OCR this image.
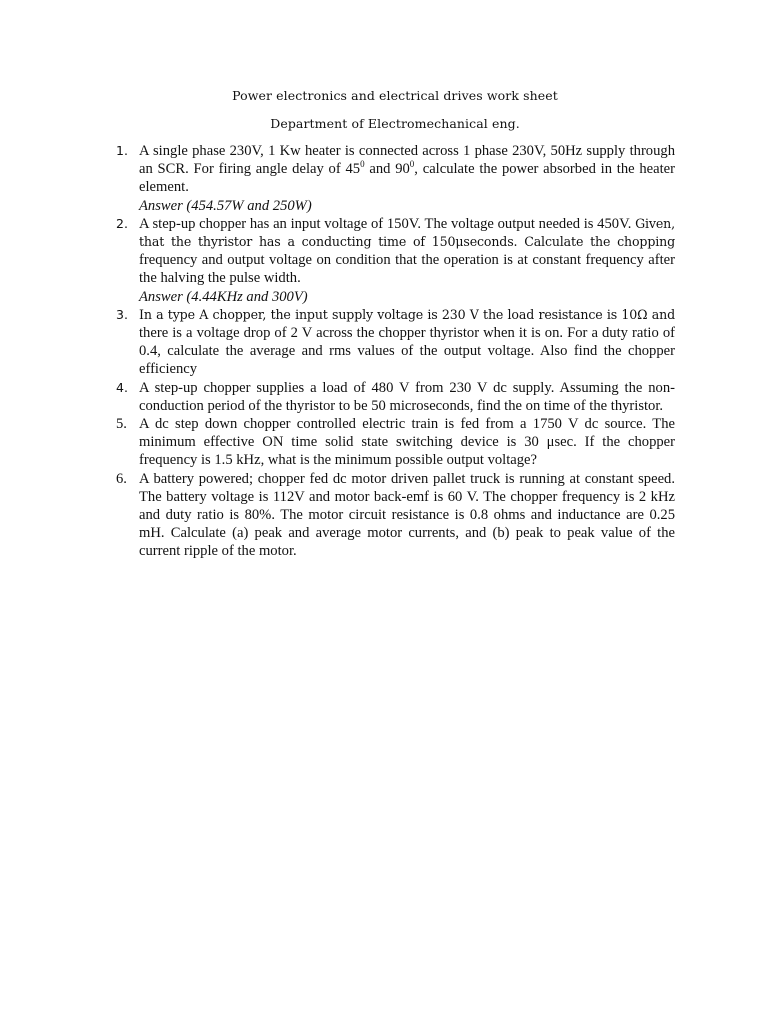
Power electronics and electrical drives work sheet
Department of Electromechanical eng.
1. A single phase 230V, 1 Kw heater is connected across 1 phase 230V, 50Hz supply through an SCR. For firing angle delay of $45^0$ and $90^0$, calculate the power absorbed in the heater element.
Answer (454.57W and 250W)
2. A step-up chopper has an input voltage of 150V. The voltage output needed is 450V. Given, that the thyristor has a conducting time of 150μseconds. Calculate the chopping frequency and output voltage on condition that the operation is at constant frequency after the halving the pulse width.
Answer (4.44KHz and 300V)
3. In a type A chopper, the input supply voltage is 230 V the load resistance is 10Ω and there is a voltage drop of 2 V across the chopper thyristor when it is on. For a duty ratio of 0.4, calculate the average and rms values of the output voltage. Also find the chopper efficiency
4. A step-up chopper supplies a load of 480 V from 230 V dc supply. Assuming the non-conduction period of the thyristor to be 50 microseconds, find the on time of the thyristor.
5. A dc step down chopper controlled electric train is fed from a 1750 V dc source. The minimum effective ON time solid state switching device is 30 μsec. If the chopper frequency is 1.5 kHz, what is the minimum possible output voltage?
6. A battery powered; chopper fed dc motor driven pallet truck is running at constant speed. The battery voltage is 112V and motor back-emf is 60 V. The chopper frequency is 2 kHz and duty ratio is 80%. The motor circuit resistance is 0.8 ohms and inductance are 0.25 mH. Calculate (a) peak and average motor currents, and (b) peak to peak value of the current ripple of the motor.
